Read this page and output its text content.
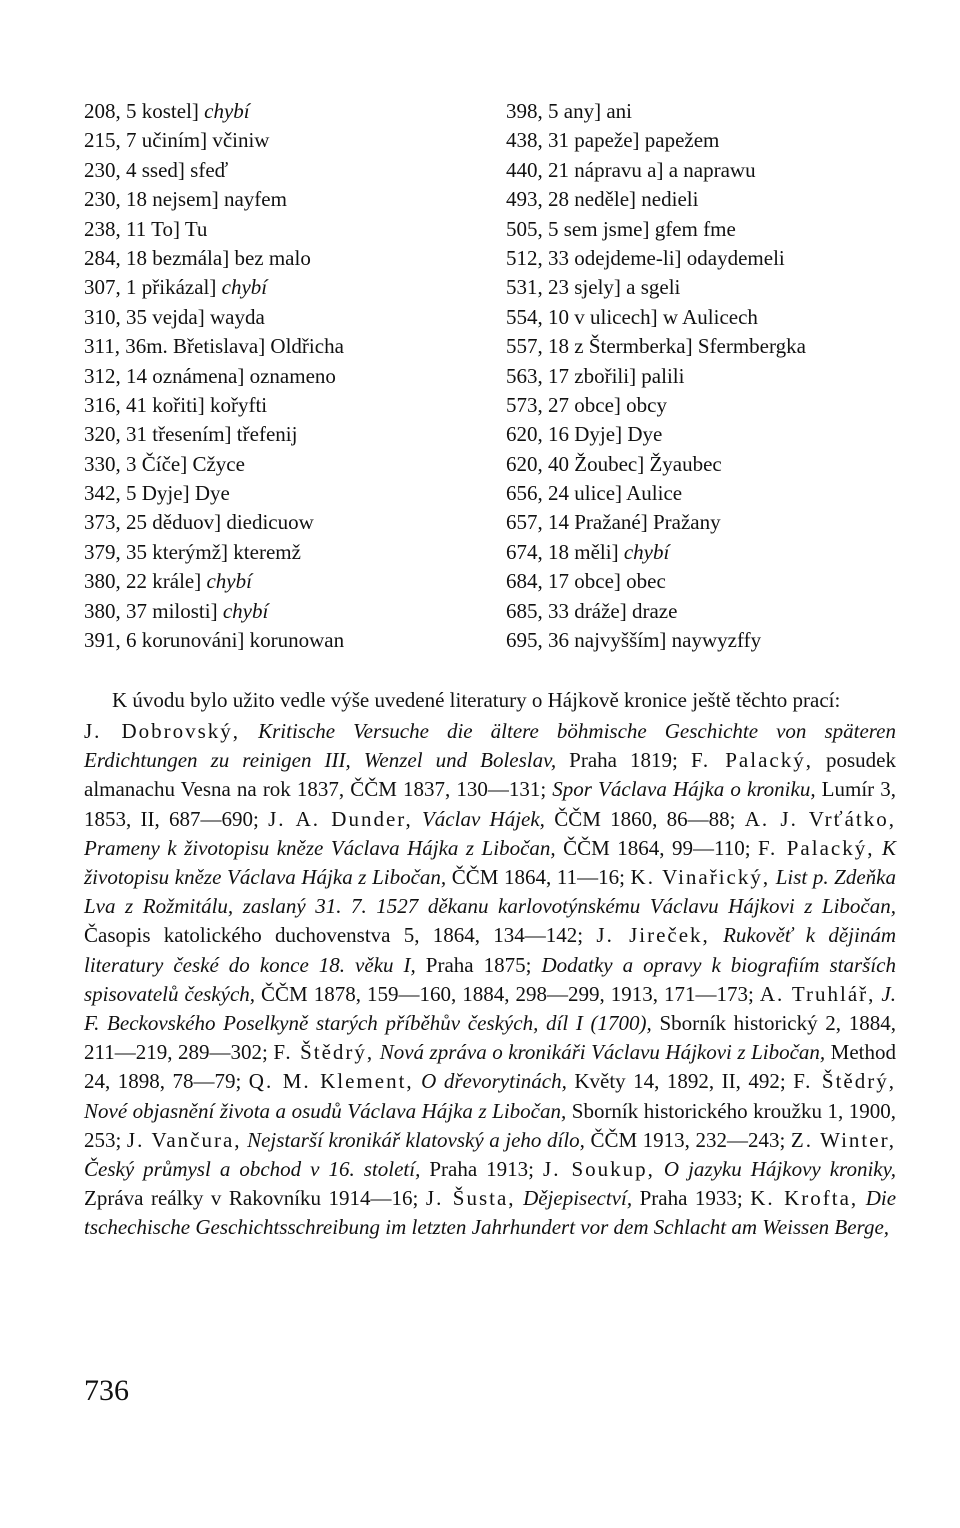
208, 5 kostel] chybí
215, 7 učiním] včiniw
230, 4 ssed] sfeď
230, 18 nejsem] nayfem
238, 11 To] Tu
284, 18 bezmála] bez malo
307, 1 přikázal] chybí
310, 35 vejda] wayda
311, 36m. Břetislava] Oldřicha
312, 14 oznámena] oznameno
316, 41 kořiti] kořyfti
320, 31 třesením] třefenij
330, 3 Číče] Cžyce
342, 5 Dyje] Dye
373, 25 děduov] diedicuow
379, 35 kterýmž] kteremž
380, 22 krále] chybí
380, 37 milosti] chybí
391, 6 korunováni] korunowan
398, 5 any] ani
438, 31 papeže] papežem
440, 21 nápravu a] a naprawu
493, 28 neděle] nedieli
505, 5 sem jsme] gfem fme
512, 33 odejdeme-li] odaydemeli
531, 23 sjely] a sgeli
554, 10 v ulicech] w Aulicech
557, 18 z Štermberka] Sfermbergka
563, 17 zbořili] palili
573, 27 obce] obcy
620, 16 Dyje] Dye
620, 40 Žoubec] Žyaubec
656, 24 ulice] Aulice
657, 14 Pražané] Pražany
674, 18 měli] chybí
684, 17 obce] obec
685, 33 dráže] draze
695, 36 najvyšším] naywyzffy

K úvodu bylo užito vedle výše uvedené literatury o Hájkově kronice ještě těchto prací:

J. Dobrovský, Kritische Versuche die ältere böhmische Geschichte von späteren Erdichtungen zu reinigen III, Wenzel und Boleslav, Praha 1819; F. Palacký, posudek almanachu Vesna na rok 1837, ČČM 1837, 130—131; Spor Václava Hájka o kroniku, Lumír 3, 1853, II, 687—690; J. A. Dunder, Václav Hájek, ČČM 1860, 86—88; A. J. Vrťátko, Prameny k životopisu kněze Václava Hájka z Libočan, ČČM 1864, 99—110; F. Palacký, K životopisu kněze Václava Hájka z Libočan, ČČM 1864, 11—16; K. Vinařický, List p. Zdeňka Lva z Rožmitálu, zaslaný 31. 7. 1527 děkanu karlovotýnskému Václavu Hájkovi z Libočan, Časopis katolického duchovenstva 5, 1864, 134—142; J. Jireček, Rukověť k dějinám literatury české do konce 18. věku I, Praha 1875; Dodatky a opravy k biografiím starších spisovatelů českých, ČČM 1878, 159—160, 1884, 298—299, 1913, 171—173; A. Truhlář, J. F. Beckovského Poselkyně starých příběhův českých, díl I (1700), Sborník historický 2, 1884, 211—219, 289—302; F. Štědrý, Nová zpráva o kronikáři Václavu Hájkovi z Libočan, Method 24, 1898, 78—79; Q. M. Klement, O dřevorytinách, Květy 14, 1892, II, 492; F. Štědrý, Nové objasnění života a osudů Václava Hájka z Libočan, Sborník historického kroužku 1, 1900, 253; J. Vančura, Nejstarší kronikář klatovský a jeho dílo, ČČM 1913, 232—243; Z. Winter, Český průmysl a obchod v 16. století, Praha 1913; J. Soukup, O jazyku Hájkovy kroniky, Zpráva reálky v Rakovníku 1914—16; J. Šusta, Dějepisectví, Praha 1933; K. Krofta, Die tschechische Geschichtsschreibung im letzten Jahrhundert vor dem Schlacht am Weissen Berge,

736
